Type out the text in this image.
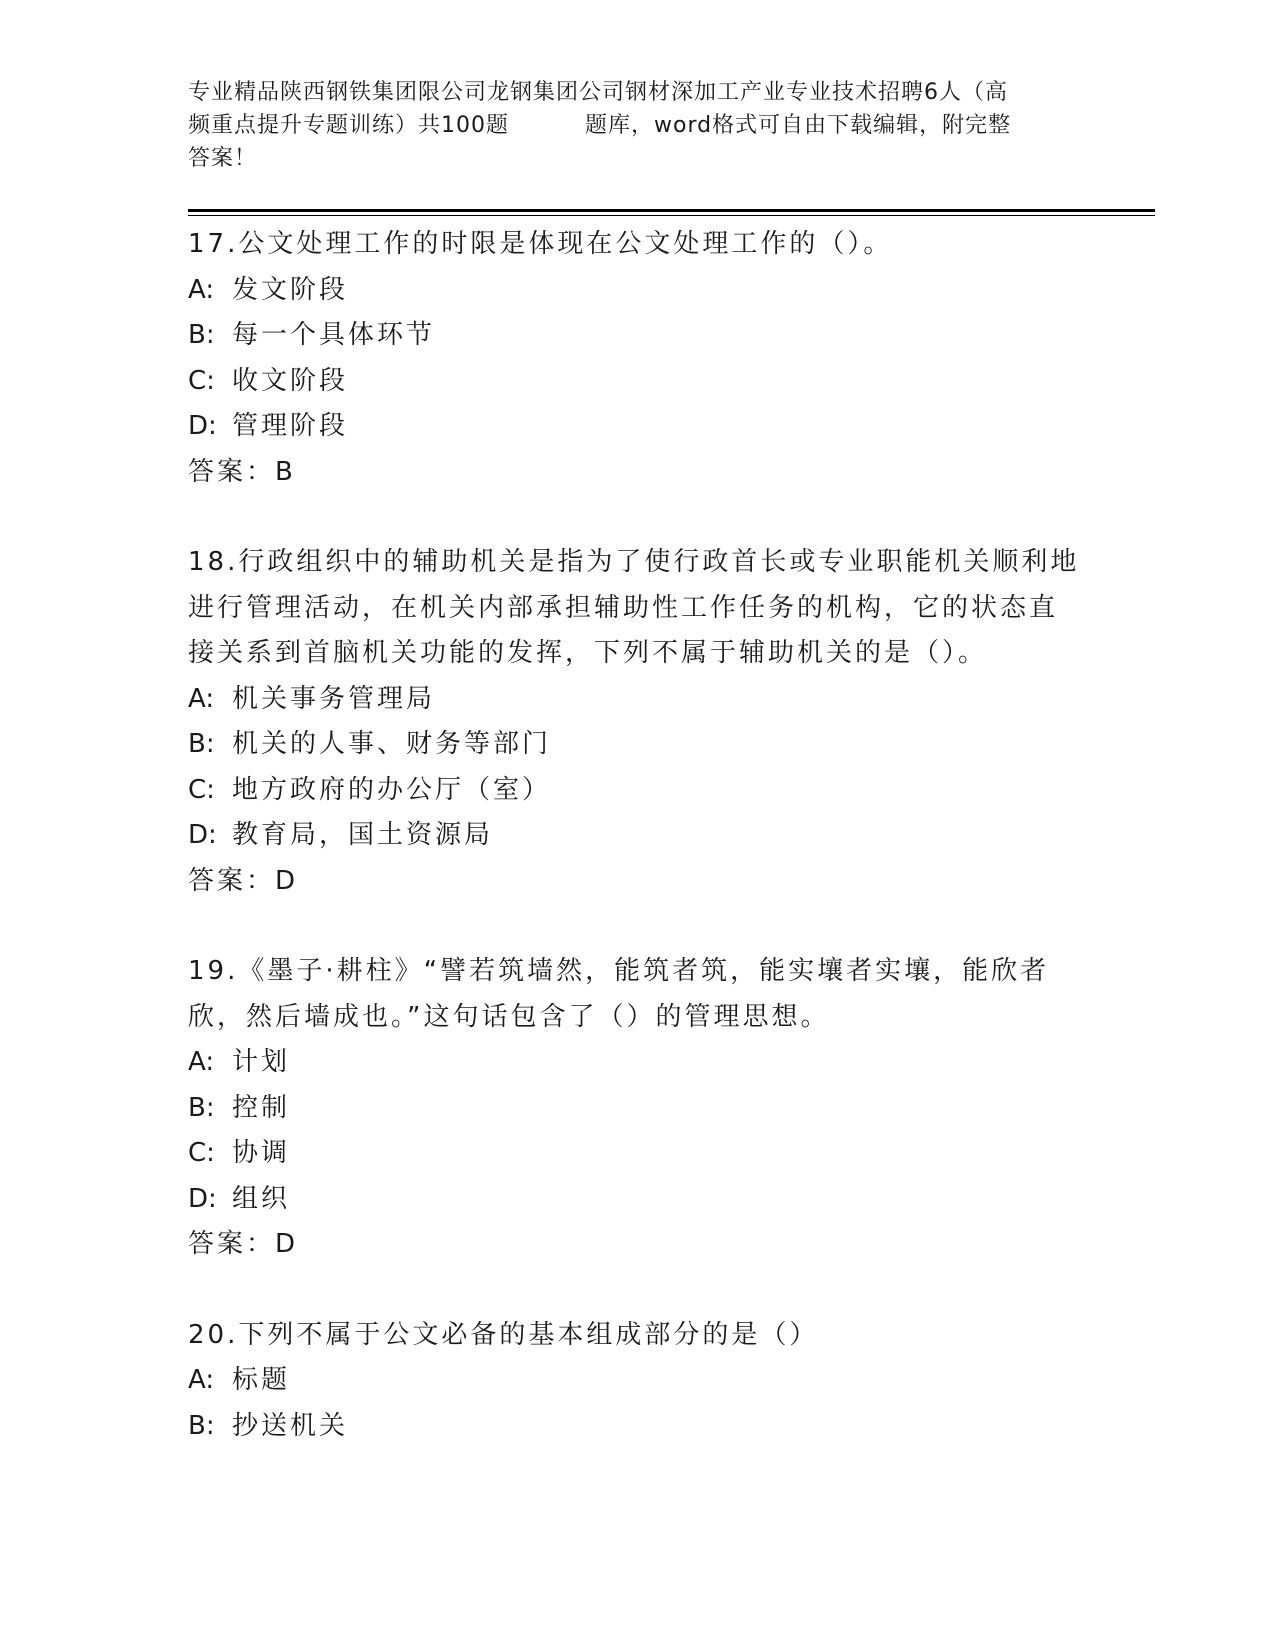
专业精品陕西钢铁集团限公司龙钢集团公司钢材深加工产业专业技术招聘6人（高
频重点提升专题训练）共100题	题库，word格式可自由下载编辑，附完整
答案！

17.公文处理工作的时限是体现在公文处理工作的（）。

A: 发文阶段

B: 每一个具体环节

C: 收文阶段

D: 管理阶段

答案：B

18.行政组织中的辅助机关是指为了使行政首长或专业职能机关顺利地

进行管理活动，在机关内部承担辅助性工作任务的机构，它的状态直

接关系到首脑机关功能的发挥，下列不属于辅助机关的是（）。

A: 机关事务管理局

B: 机关的人事、财务等部门

C: 地方政府的办公厅（室）

D: 教育局，国土资源局

答案：D

19.《墨子·耕柱》“譬若筑墙然，能筑者筑，能实壤者实壤，能欣者

欣，然后墙成也。”这句话包含了（）的管理思想。

A: 计划

B: 控制

C: 协调

D: 组织

答案：D

20.下列不属于公文必备的基本组成部分的是（）

A: 标题

B: 抄送机关
